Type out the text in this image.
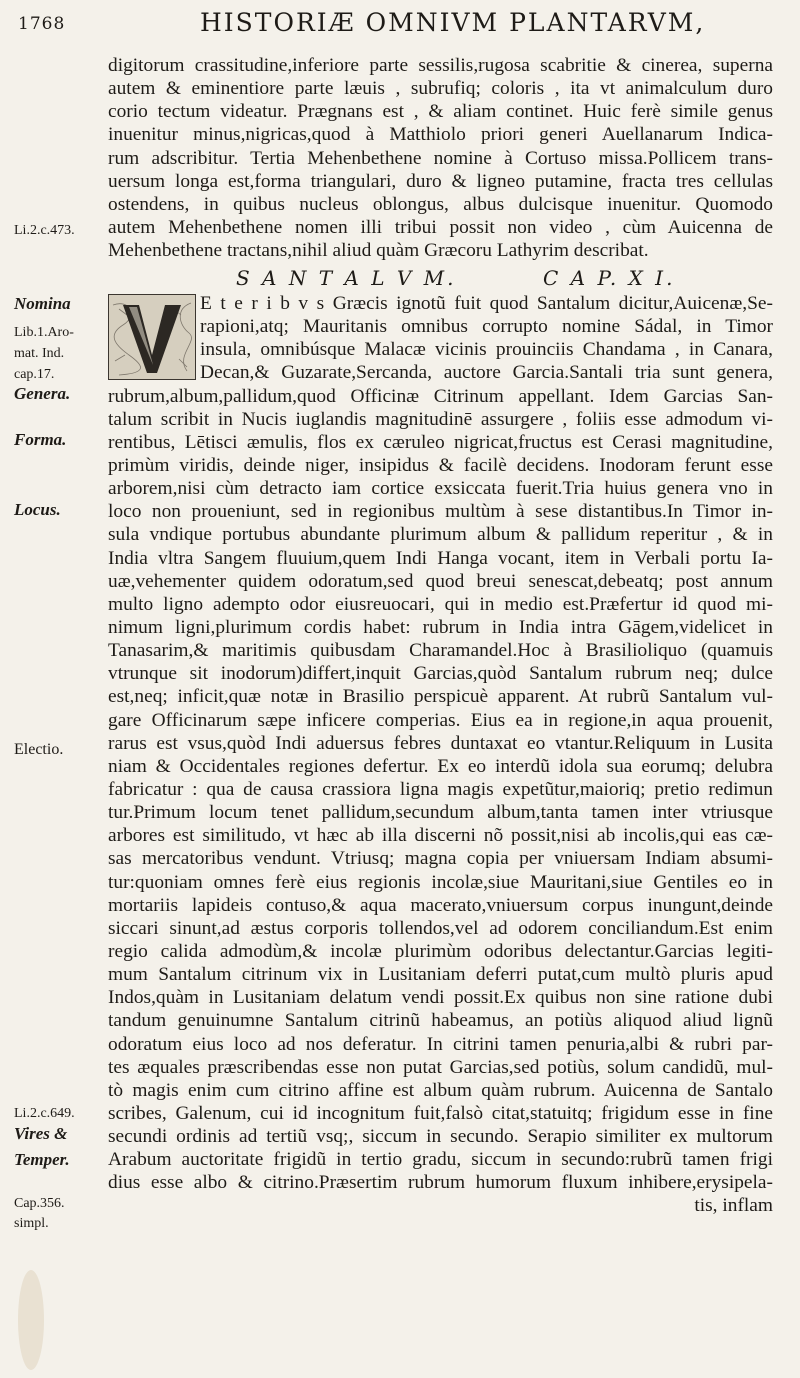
1768	HISTORIÆ OMNIVM PLANTARVM,
digitorum crassitudine,inferiore parte sessilis,rugosa scabritie & cinerea, superna
autem & eminentiore parte læuis , subrufiq; coloris , ita vt animalculum duro
corio tectum videatur. Prægnans est , & aliam continet. Huic ferè simile genus
inuenitur minus,nigricas,quod à Matthiolo priori generi Auellanarum Indica-
rum adscribitur. Tertia Mehenbethene nomine à Cortuso missa.Pollicem trans-
uersum longa est,forma triangulari, duro & ligneo putamine, fracta tres cellulas
ostendens, in quibus nucleus oblongus, albus dulcisque inuenitur. Quomodo
autem Mehenbethene nomen illi tribui possit non video , cùm Auicenna de
Mehenbethene tractans,nihil aliud quàm Græcoru Lathyrim describat.
S A N T A L V M.	C A P. X I.
E t e r i b v s Græcis ignotũ fuit quod Santalum dicitur,Auicenæ,Se-
rapioni,atq; Mauritanis omnibus corrupto nomine Sádal, in Timor
insula, omnibúsque Malacæ vicinis prouinciis Chandama , in Canara,
Decan,& Guzarate,Sercanda, auctore Garcia.Santali tria sunt genera,
rubrum,album,pallidum,quod Officinæ Citrinum appellant. Idem Garcias San-
talum scribit in Nucis iuglandis magnitudinē assurgere , foliis esse admodum vi-
rentibus, Lētisci æmulis, flos ex cæruleo nigricat,fructus est Cerasi magnitudine,
primùm viridis, deinde niger, insipidus & facilè decidens. Inodoram ferunt esse
arborem,nisi cùm detracto iam cortice exsiccata fuerit.Tria huius genera vno in
loco non proueniunt, sed in regionibus multùm à sese distantibus.In Timor in-
sula vndique portubus abundante plurimum album & pallidum reperitur , & in
India vltra Sangem fluuium,quem Indi Hanga vocant, item in Verbali portu Ia-
uæ,vehementer quidem odoratum,sed quod breui senescat,debeatq; post annum
multo ligno adempto odor eiusreuocari, qui in medio est.Præfertur id quod mi-
nimum ligni,plurimum cordis habet: rubrum in India intra Gāgem,videlicet in
Tanasarim,& maritimis quibusdam Charamandel.Hoc à Brasilioliquo (quamuis
vtrunque sit inodorum)differt,inquit Garcias,quòd Santalum rubrum neq; dulce
est,neq; inficit,quæ notæ in Brasilio perspicuè apparent. At rubrũ Santalum vul-
gare Officinarum sæpe inficere comperias. Eius ea in regione,in aqua prouenit,
rarus est vsus,quòd Indi aduersus febres duntaxat eo vtantur.Reliquum in Lusita
niam & Occidentales regiones defertur. Ex eo interdũ idola sua eorumq; delubra
fabricatur : qua de causa crassiora ligna magis expetũtur,maioriq; pretio redimun
tur.Primum locum tenet pallidum,secundum album,tanta tamen inter vtriusque
arbores est similitudo, vt hæc ab illa discerni nõ possit,nisi ab incolis,qui eas cæ-
sas mercatoribus vendunt. Vtriusq; magna copia per vniuersam Indiam absumi-
tur:quoniam omnes ferè eius regionis incolæ,siue Mauritani,siue Gentiles eo in
mortariis lapideis contuso,& aqua macerato,vniuersum corpus inungunt,deinde
siccari sinunt,ad æstus corporis tollendos,vel ad odorem conciliandum.Est enim
regio calida admodùm,& incolæ plurimùm odoribus delectantur.Garcias legiti-
mum Santalum citrinum vix in Lusitaniam deferri putat,cum multò pluris apud
Indos,quàm in Lusitaniam delatum vendi possit.Ex quibus non sine ratione dubi
tandum genuinumne Santalum citrinũ habeamus, an potiùs aliquod aliud lignũ
odoratum eius loco ad nos deferatur. In citrini tamen penuria,albi & rubri par-
tes æquales præscribendas esse non putat Garcias,sed potiùs, solum candidũ, mul-
tò magis enim cum citrino affine est album quàm rubrum. Auicenna de Santalo
scribes, Galenum, cui id incognitum fuit,falsò citat,statuitq; frigidum esse in fine
secundi ordinis ad tertiũ vsq;, siccum in secundo. Serapio similiter ex multorum
Arabum auctoritate frigidũ in tertio gradu, siccum in secundo:rubrũ tamen frigi
dius esse albo & citrino.Præsertim rubrum humorum fluxum inhibere,erysipela-
tis, inflam
Li.2.c.473.
Nomina
Lib.1.Aro-
mat. Ind.
cap.17.
Genera.
Forma.
Locus.
Electio.
Li.2.c.649.
Vires &
Temper.
Cap.356.
simpl.
